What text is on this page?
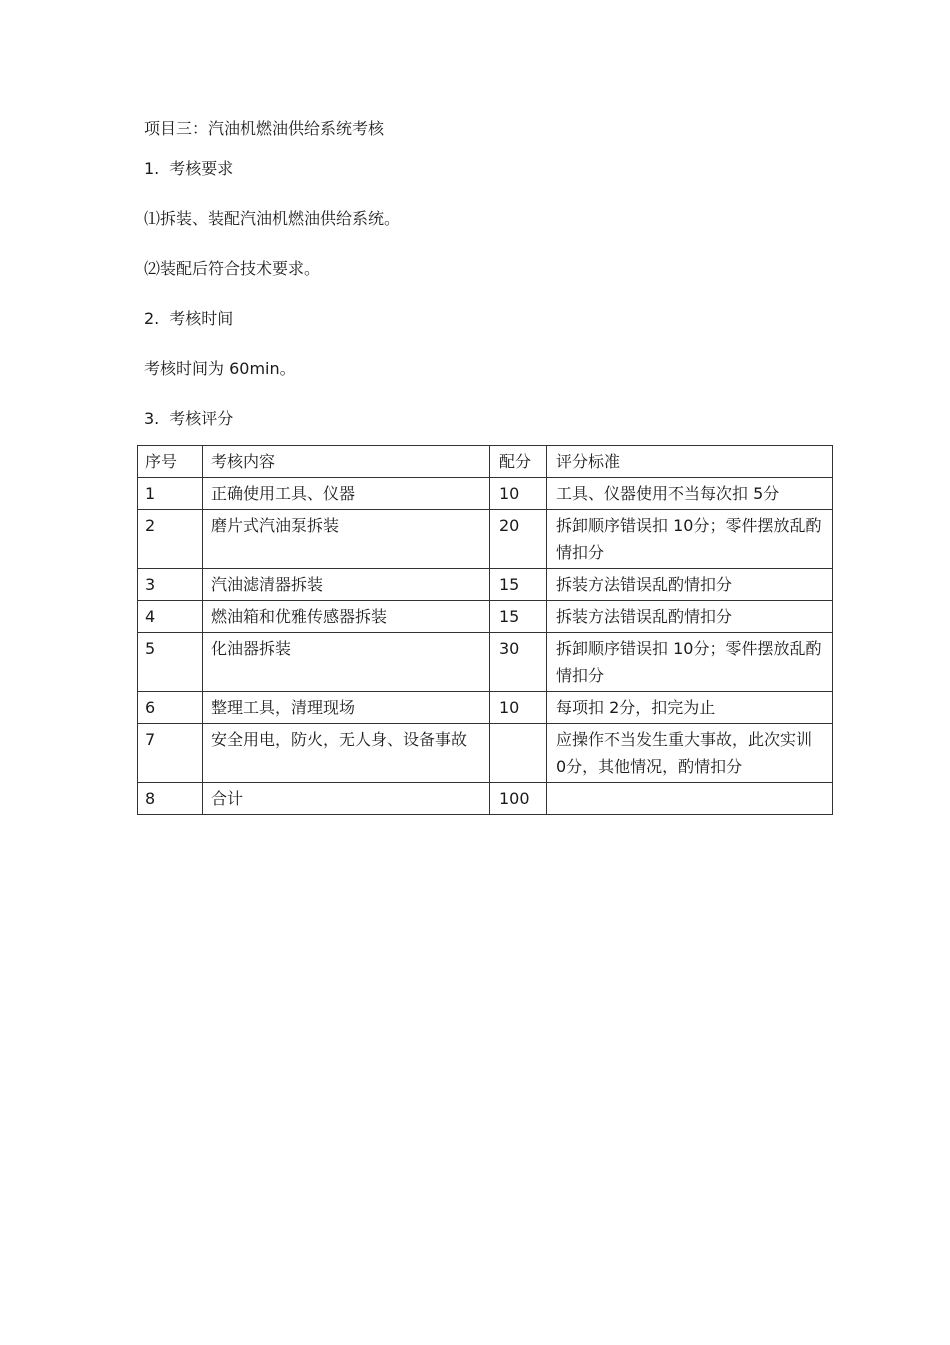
项目三：汽油机燃油供给系统考核
1. 考核要求
⑴拆装、装配汽油机燃油供给系统。
⑵装配后符合技术要求。
2. 考核时间
考核时间为 60min。
3. 考核评分
序号	考核内容	配分	评分标准
1	正确使用工具、仪器	10	工具、仪器使用不当每次扣 5分
2	磨片式汽油泵拆装	20	拆卸顺序错误扣 10分；零件摆放乱酌情扣分
3	汽油滤清器拆装	15	拆装方法错误乱酌情扣分
4	燃油箱和优雅传感器拆装	15	拆装方法错误乱酌情扣分
5	化油器拆装	30	拆卸顺序错误扣 10分；零件摆放乱酌情扣分
6	整理工具，清理现场	10	每项扣 2分，扣完为止
7	安全用电，防火，无人身、设备事故		应操作不当发生重大事故，此次实训 0分，其他情况，酌情扣分
8	合计	100	
